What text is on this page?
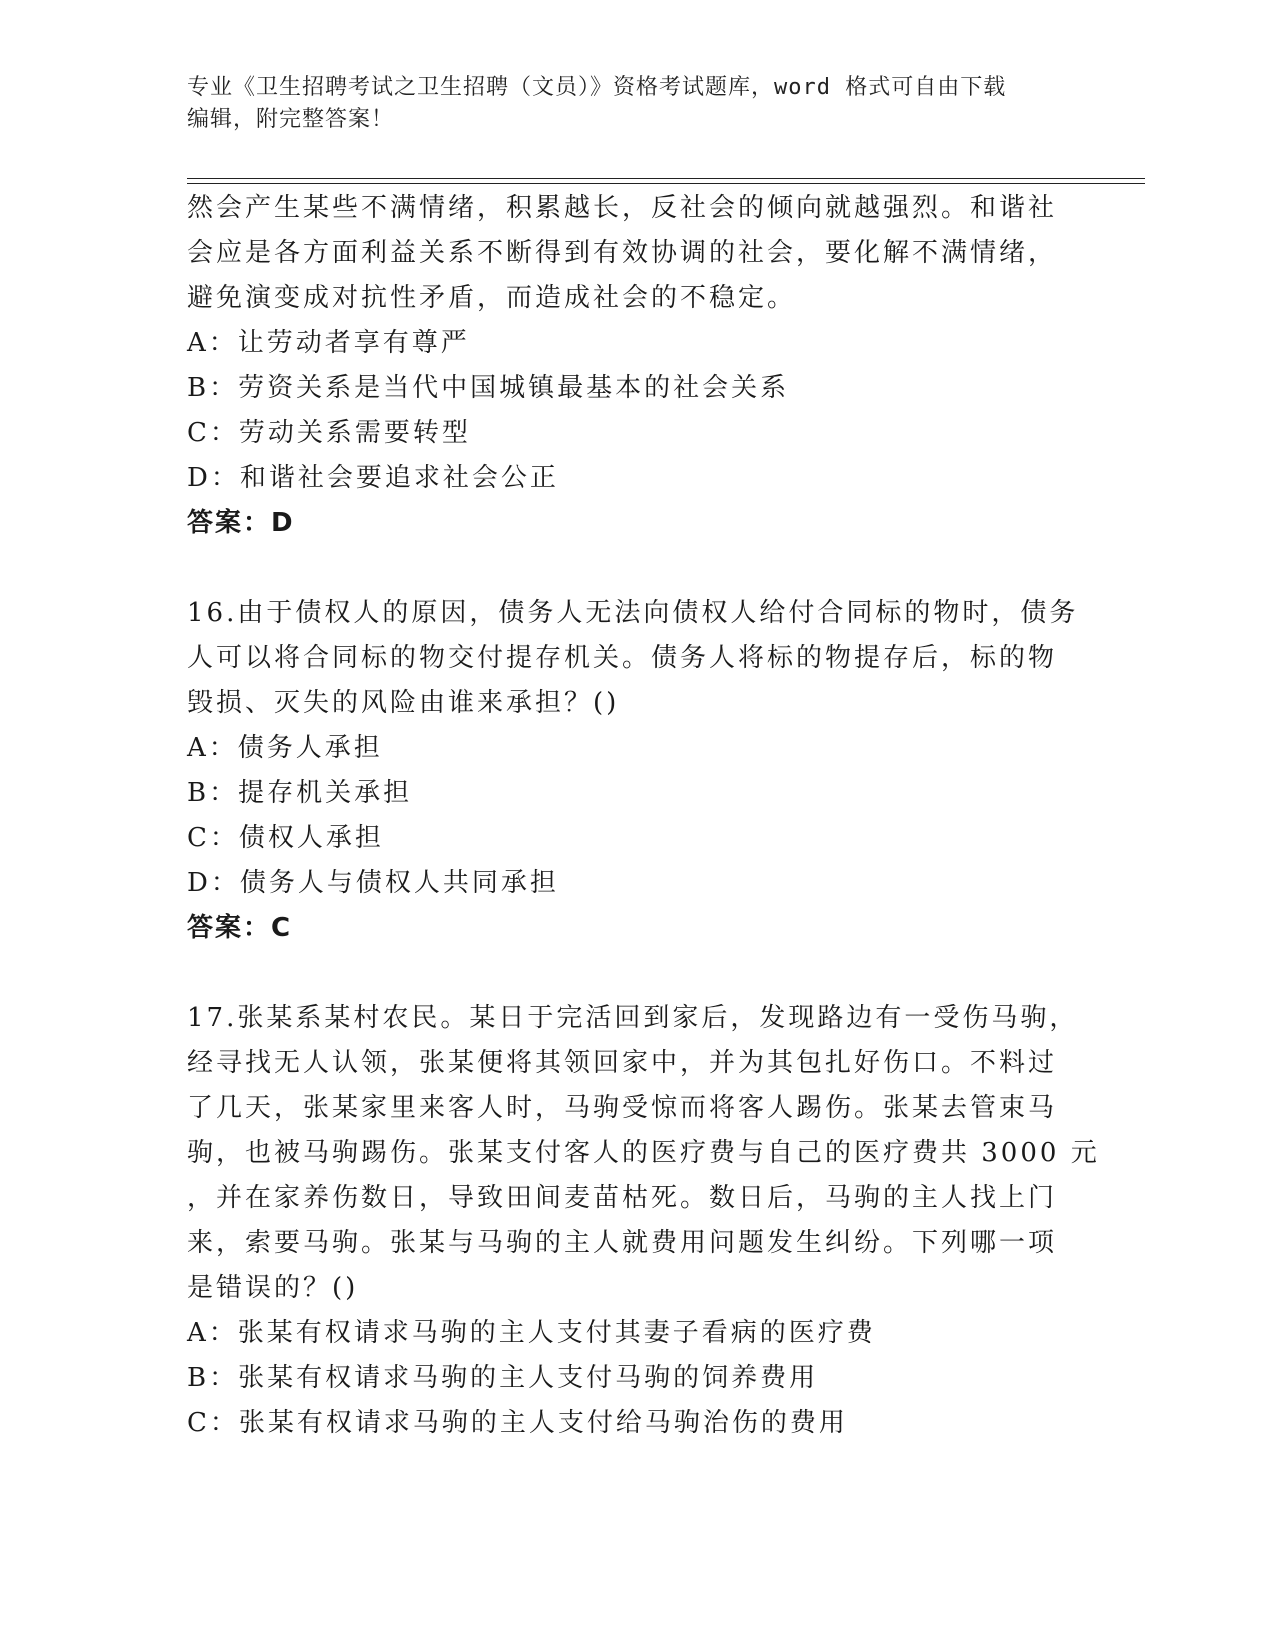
专业《卫生招聘考试之卫生招聘（文员）》资格考试题库，word 格式可自由下载
编辑，附完整答案！
然会产生某些不满情绪，积累越长，反社会的倾向就越强烈。和谐社
会应是各方面利益关系不断得到有效协调的社会，要化解不满情绪，
避免演变成对抗性矛盾，而造成社会的不稳定。
A：让劳动者享有尊严
B：劳资关系是当代中国城镇最基本的社会关系
C：劳动关系需要转型
D：和谐社会要追求社会公正
答案：D
16.由于债权人的原因，债务人无法向债权人给付合同标的物时，债务
人可以将合同标的物交付提存机关。债务人将标的物提存后，标的物
毁损、灭失的风险由谁来承担？()
A：债务人承担
B：提存机关承担
C：债权人承担
D：债务人与债权人共同承担
答案：C
17.张某系某村农民。某日于完活回到家后，发现路边有一受伤马驹，
经寻找无人认领，张某便将其领回家中，并为其包扎好伤口。不料过
了几天，张某家里来客人时，马驹受惊而将客人踢伤。张某去管束马
驹，也被马驹踢伤。张某支付客人的医疗费与自己的医疗费共 3000 元
，并在家养伤数日，导致田间麦苗枯死。数日后，马驹的主人找上门
来，索要马驹。张某与马驹的主人就费用问题发生纠纷。下列哪一项
是错误的？()
A：张某有权请求马驹的主人支付其妻子看病的医疗费
B：张某有权请求马驹的主人支付马驹的饲养费用
C：张某有权请求马驹的主人支付给马驹治伤的费用
